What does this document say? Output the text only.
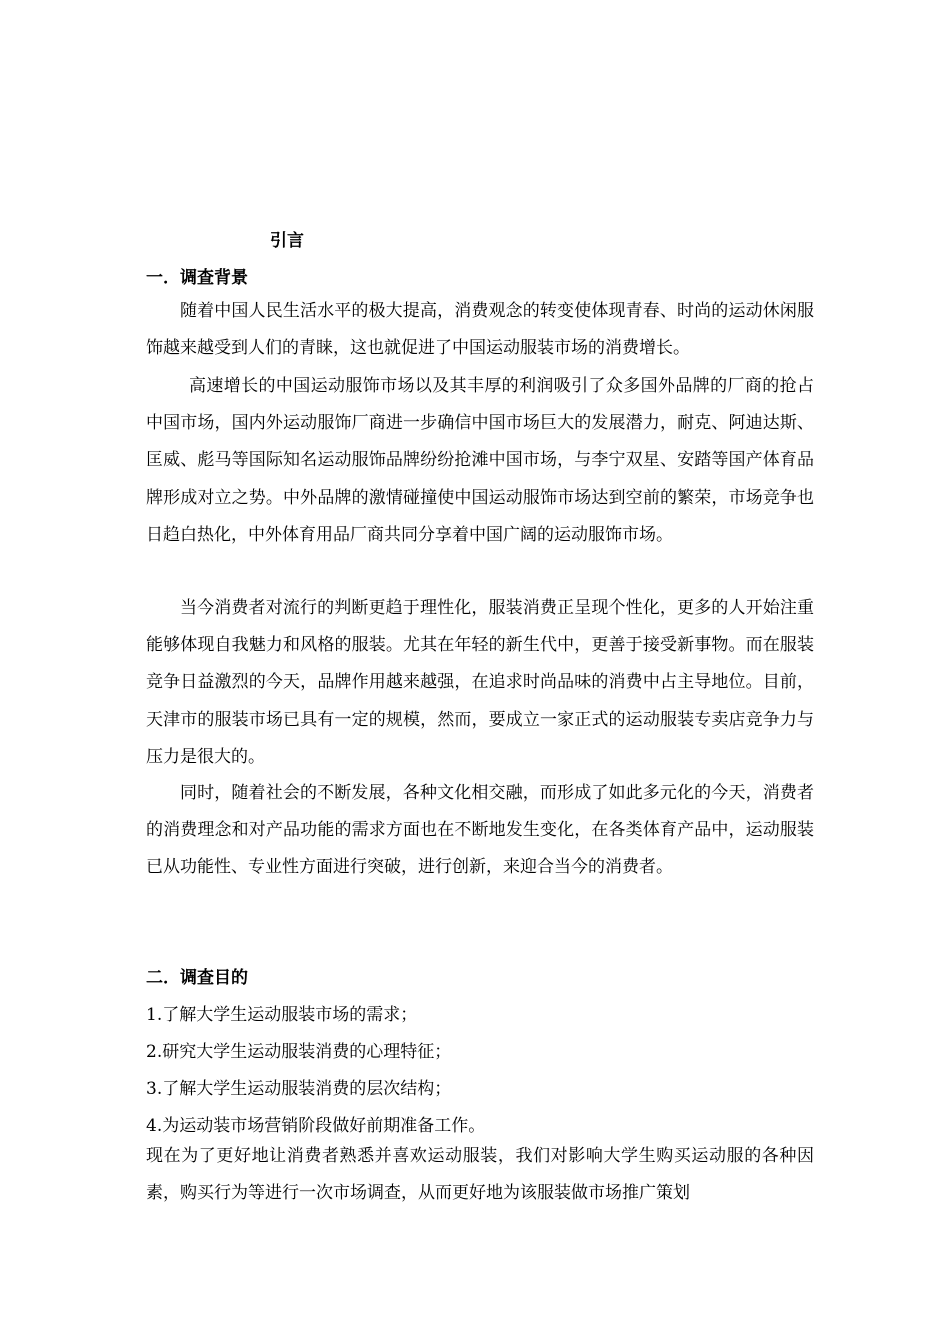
引言
一．调查背景
随着中国人民生活水平的极大提高，消费观念的转变使体现青春、时尚的运动休闲服饰越来越受到人们的青睐，这也就促进了中国运动服装市场的消费增长。
高速增长的中国运动服饰市场以及其丰厚的利润吸引了众多国外品牌的厂商的抢占中国市场，国内外运动服饰厂商进一步确信中国市场巨大的发展潜力，耐克、阿迪达斯、匡威、彪马等国际知名运动服饰品牌纷纷抢滩中国市场，与李宁双星、安踏等国产体育品牌形成对立之势。中外品牌的激情碰撞使中国运动服饰市场达到空前的繁荣，市场竞争也日趋白热化，中外体育用品厂商共同分享着中国广阔的运动服饰市场。
当今消费者对流行的判断更趋于理性化，服装消费正呈现个性化，更多的人开始注重能够体现自我魅力和风格的服装。尤其在年轻的新生代中，更善于接受新事物。而在服装竞争日益激烈的今天，品牌作用越来越强，在追求时尚品味的消费中占主导地位。目前，天津市的服装市场已具有一定的规模，然而，要成立一家正式的运动服装专卖店竞争力与压力是很大的。
同时，随着社会的不断发展，各种文化相交融，而形成了如此多元化的今天，消费者的消费理念和对产品功能的需求方面也在不断地发生变化，在各类体育产品中，运动服装已从功能性、专业性方面进行突破，进行创新，来迎合当今的消费者。
二．调查目的
1.了解大学生运动服装市场的需求；
2.研究大学生运动服装消费的心理特征；
3.了解大学生运动服装消费的层次结构；
4.为运动装市场营销阶段做好前期准备工作。
现在为了更好地让消费者熟悉并喜欢运动服装，我们对影响大学生购买运动服的各种因素，购买行为等进行一次市场调查，从而更好地为该服装做市场推广策划
